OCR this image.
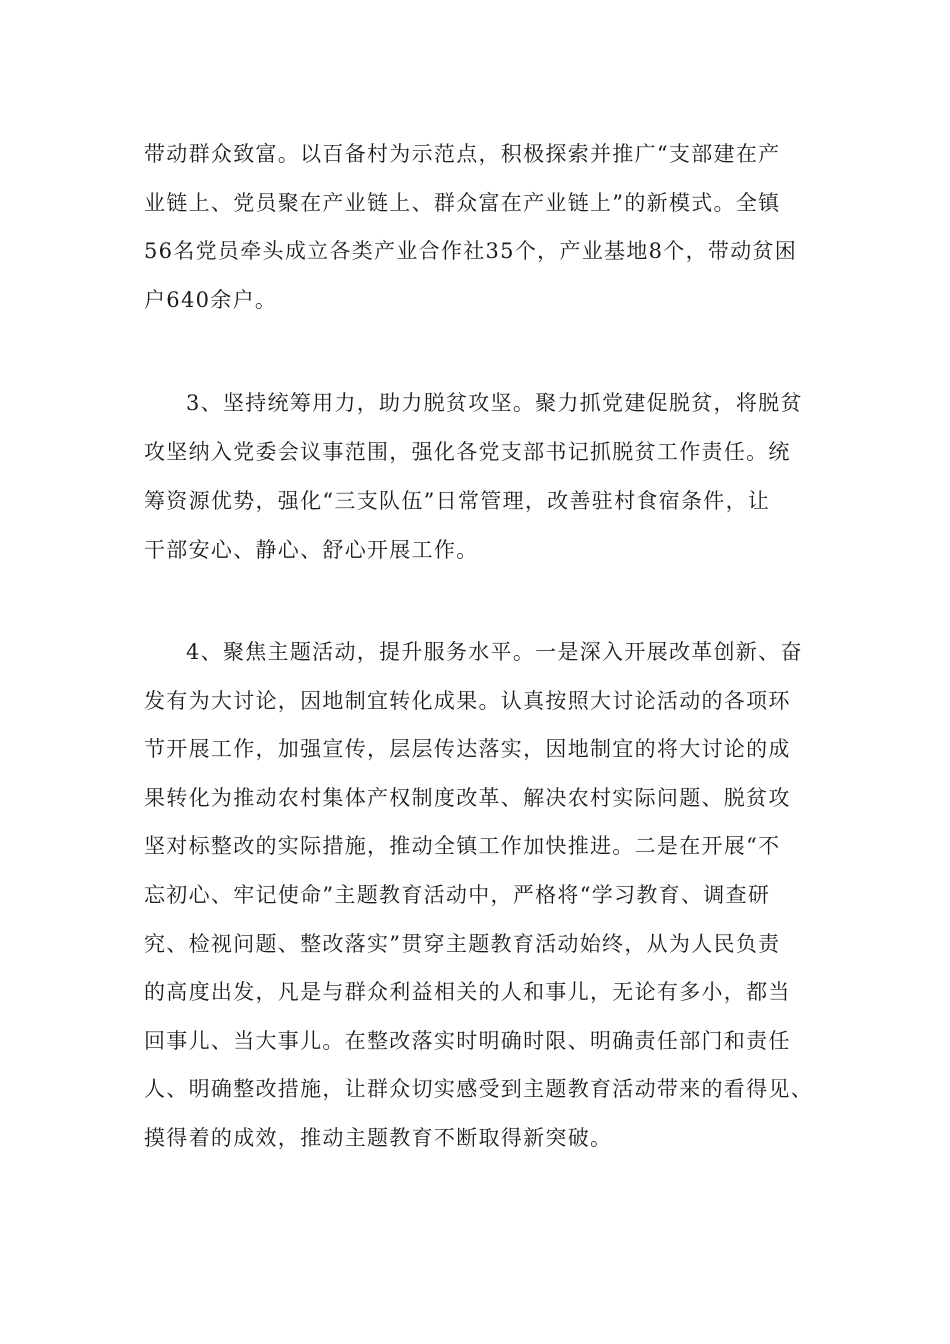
带动群众致富。以百备村为示范点，积极探索并推广“支部建在产
业链上、党员聚在产业链上、群众富在产业链上”的新模式。全镇
56名党员牵头成立各类产业合作社35个，产业基地8个，带动贫困
户640余户。
3、坚持统筹用力，助力脱贫攻坚。聚力抓党建促脱贫，将脱贫
攻坚纳入党委会议事范围，强化各党支部书记抓脱贫工作责任。统
筹资源优势，强化“三支队伍”日常管理，改善驻村食宿条件，让
干部安心、静心、舒心开展工作。
4、聚焦主题活动，提升服务水平。一是深入开展改革创新、奋
发有为大讨论，因地制宜转化成果。认真按照大讨论活动的各项环
节开展工作，加强宣传，层层传达落实，因地制宜的将大讨论的成
果转化为推动农村集体产权制度改革、解决农村实际问题、脱贫攻
坚对标整改的实际措施，推动全镇工作加快推进。二是在开展“不
忘初心、牢记使命”主题教育活动中，严格将“学习教育、调查研
究、检视问题、整改落实”贯穿主题教育活动始终，从为人民负责
的高度出发，凡是与群众利益相关的人和事儿，无论有多小，都当
回事儿、当大事儿。在整改落实时明确时限、明确责任部门和责任
人、明确整改措施，让群众切实感受到主题教育活动带来的看得见、
摸得着的成效，推动主题教育不断取得新突破。
